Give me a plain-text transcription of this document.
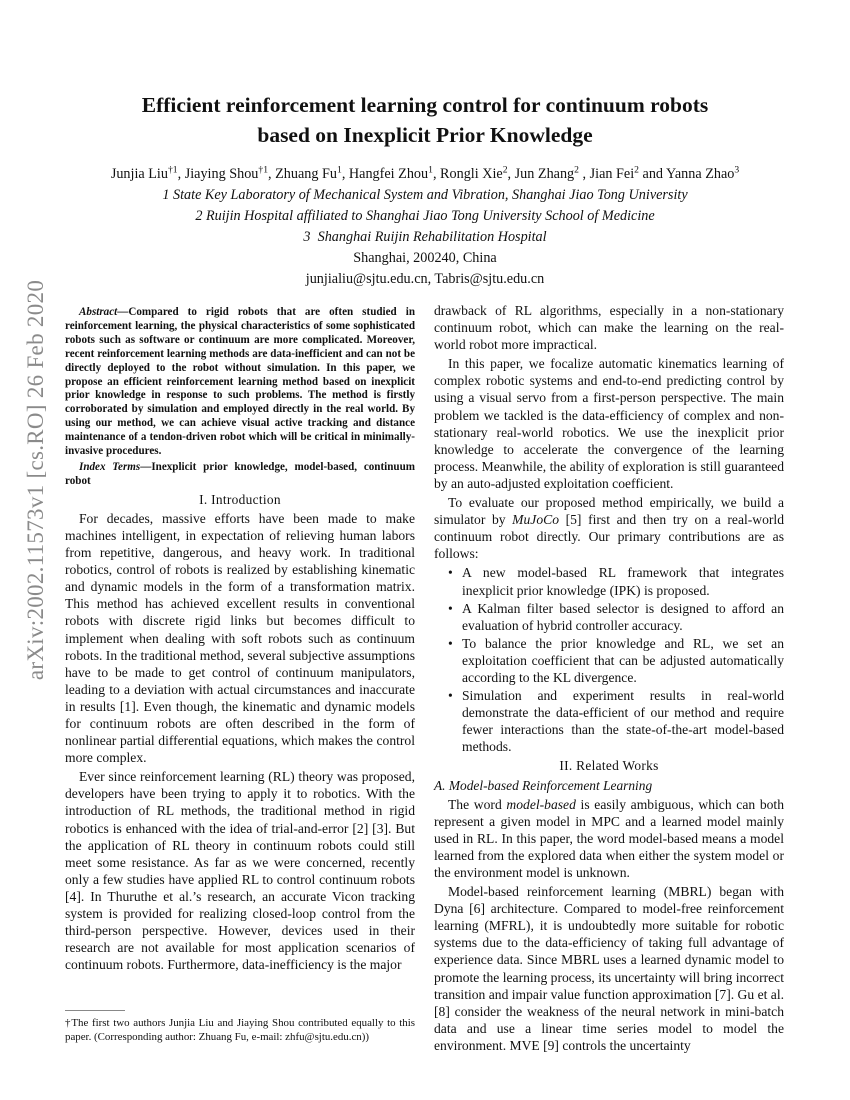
arXiv:2002.11573v1 [cs.RO] 26 Feb 2020
Efficient reinforcement learning control for continuum robots
based on Inexplicit Prior Knowledge
Junjia Liu$^{\dagger 1}$, Jiaying Shou$^{\dagger 1}$, Zhuang Fu$^1$, Hangfei Zhou$^1$, Rongli Xie$^2$, Jun Zhang$^2$ , Jian Fei$^2$ and Yanna Zhao$^3$
1 State Key Laboratory of Mechanical System and Vibration, Shanghai Jiao Tong University
2 Ruijin Hospital affiliated to Shanghai Jiao Tong University School of Medicine
3 Shanghai Ruijin Rehabilitation Hospital
Shanghai, 200240, China
junjialiu@sjtu.edu.cn, Tabris@sjtu.edu.cn

Abstract—Compared to rigid robots that are often studied in reinforcement learning, the physical characteristics of some sophisticated robots such as software or continuum are more complicated. Moreover, recent reinforcement learning methods are data-inefficient and can not be directly deployed to the robot without simulation. In this paper, we propose an efficient reinforcement learning method based on inexplicit prior knowledge in response to such problems. The method is firstly corroborated by simulation and employed directly in the real world. By using our method, we can achieve visual active tracking and distance maintenance of a tendon-driven robot which will be critical in minimally-invasive procedures.

Index Terms—Inexplicit prior knowledge, model-based, continuum robot

I. Introduction

For decades, massive efforts have been made to make machines intelligent, in expectation of relieving human labors from repetitive, dangerous, and heavy work. In traditional robotics, control of robots is realized by establishing kinematic and dynamic models in the form of a transformation matrix. This method has achieved excellent results in conventional robots with discrete rigid links but becomes difficult to implement when dealing with soft robots such as continuum robots. In the traditional method, several subjective assumptions have to be made to get control of continuum manipulators, leading to a deviation with actual circumstances and inaccurate in results [1]. Even though, the kinematic and dynamic models for continuum robots are often described in the form of nonlinear partial differential equations, which makes the control more complex.

Ever since reinforcement learning (RL) theory was proposed, developers have been trying to apply it to robotics. With the introduction of RL methods, the traditional method in rigid robotics is enhanced with the idea of trial-and-error [2] [3]. But the application of RL theory in continuum robots could still meet some resistance. As far as we were concerned, recently only a few studies have applied RL to control continuum robots [4]. In Thuruthe et al.’s research, an accurate Vicon tracking system is provided for realizing closed-loop control from the third-person perspective. However, devices used in their research are not available for most application scenarios of continuum robots. Furthermore, data-inefficiency is the major

†The first two authors Junjia Liu and Jiaying Shou contributed equally to this paper. (Corresponding author: Zhuang Fu, e-mail: zhfu@sjtu.edu.cn))

drawback of RL algorithms, especially in a non-stationary continuum robot, which can make the learning on the real-world robot more impractical.

In this paper, we focalize automatic kinematics learning of complex robotic systems and end-to-end predicting control by using a visual servo from a first-person perspective. The main problem we tackled is the data-efficiency of complex and non-stationary real-world robotics. We use the inexplicit prior knowledge to accelerate the convergence of the learning process. Meanwhile, the ability of exploration is still guaranteed by an auto-adjusted exploitation coefficient.

To evaluate our proposed method empirically, we build a simulator by MuJoCo [5] first and then try on a real-world continuum robot directly. Our primary contributions are as follows:

• A new model-based RL framework that integrates inexplicit prior knowledge (IPK) is proposed.
• A Kalman filter based selector is designed to afford an evaluation of hybrid controller accuracy.
• To balance the prior knowledge and RL, we set an exploitation coefficient that can be adjusted automatically according to the KL divergence.
• Simulation and experiment results in real-world demonstrate the data-efficient of our method and require fewer interactions than the state-of-the-art model-based methods.

II. Related Works

A. Model-based Reinforcement Learning

The word model-based is easily ambiguous, which can both represent a given model in MPC and a learned model mainly used in RL. In this paper, the word model-based means a model learned from the explored data when either the system model or the environment model is unknown.

Model-based reinforcement learning (MBRL) began with Dyna [6] architecture. Compared to model-free reinforcement learning (MFRL), it is undoubtedly more suitable for robotic systems due to the data-efficiency of taking full advantage of experience data. Since MBRL uses a learned dynamic model to promote the learning process, its uncertainty will bring incorrect transition and impair value function approximation [7]. Gu et al. [8] consider the weakness of the neural network in mini-batch data and use a linear time series model to model the environment. MVE [9] controls the uncertainty
